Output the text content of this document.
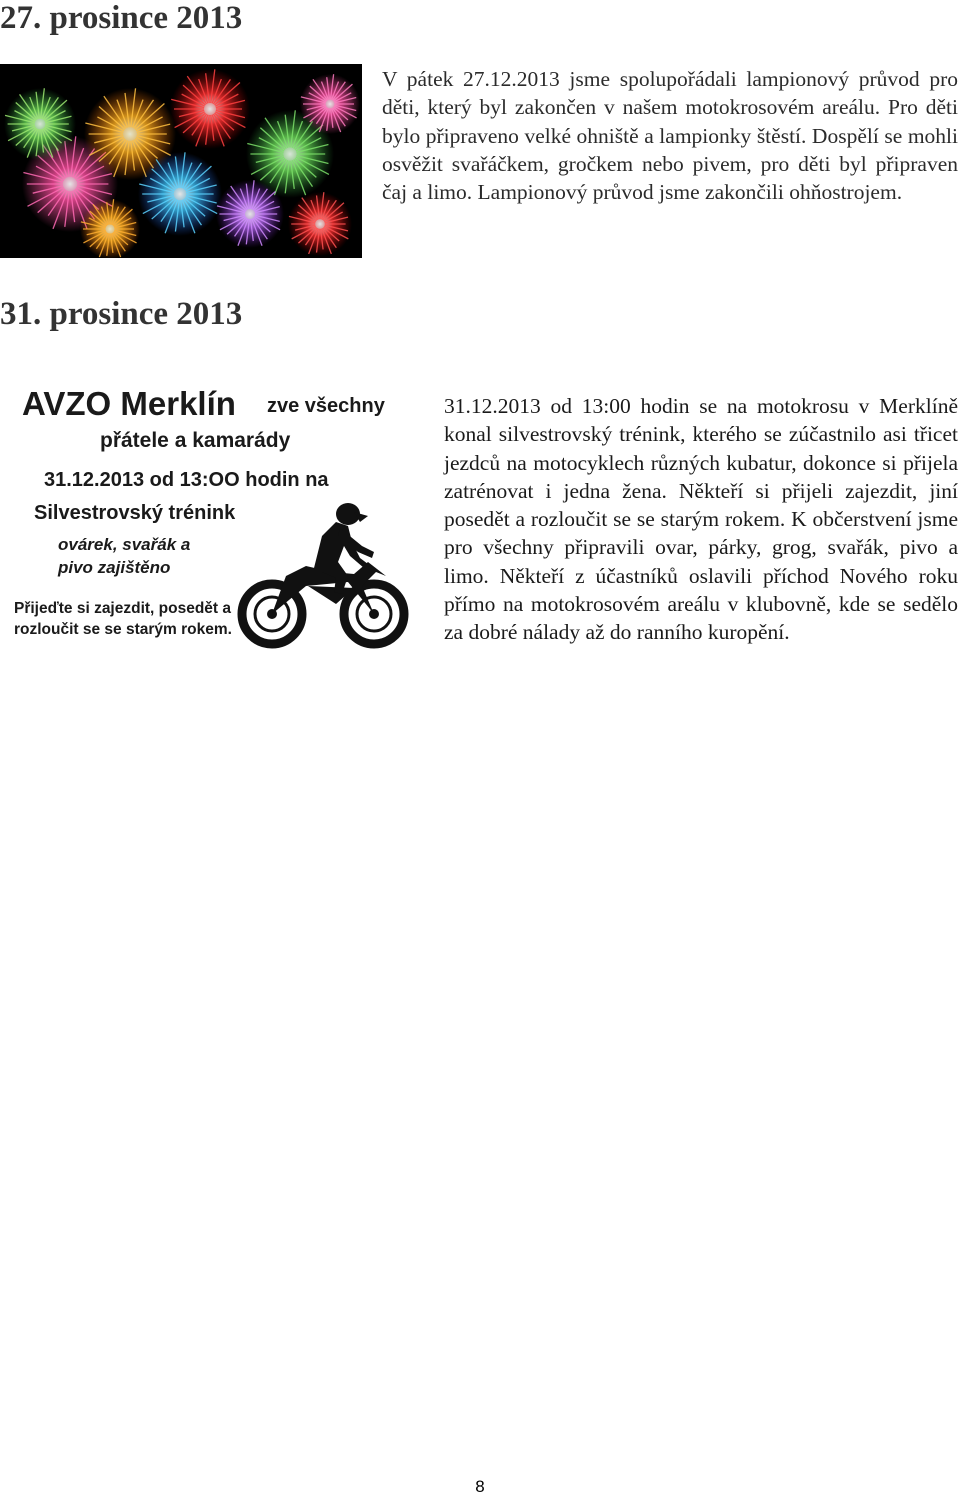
27. prosince 2013

V pátek 27.12.2013 jsme spolupořádali lampionový průvod pro děti, který byl zakončen v našem motokrosovém areálu. Pro děti bylo připraveno velké ohniště a lampionky štěstí. Dospělí se mohli osvěžit svařáčkem, gročkem nebo pivem, pro děti byl připraven čaj a limo. Lampionový průvod jsme zakončili ohňostrojem.

31. prosince 2013
AVZO Merklín zve všechny
přátele a kamarády
31.12.2013 od 13:OO hodin na
Silvestrovský trénink
ovárek, svařák a
pivo zajištěno
Přijeďte si zajezdit, posedět a
rozloučit se se starým rokem.

31.12.2013 od 13:00 hodin se na motokrosu v Merklíně konal silvestrovský trénink, kterého se zúčastnilo asi třicet jezdců na motocyklech různých kubatur, dokonce si přijela zatrénovat i jedna žena. Někteří si přijeli zajezdit, jiní posedět a rozloučit se se starým rokem. K občerstvení jsme pro všechny připravili ovar, párky, grog, svařák, pivo a limo. Někteří z účastníků oslavili příchod Nového roku přímo na motokrosovém areálu v klubovně, kde se sedělo za dobré nálady až do ranního kuropění.

8
